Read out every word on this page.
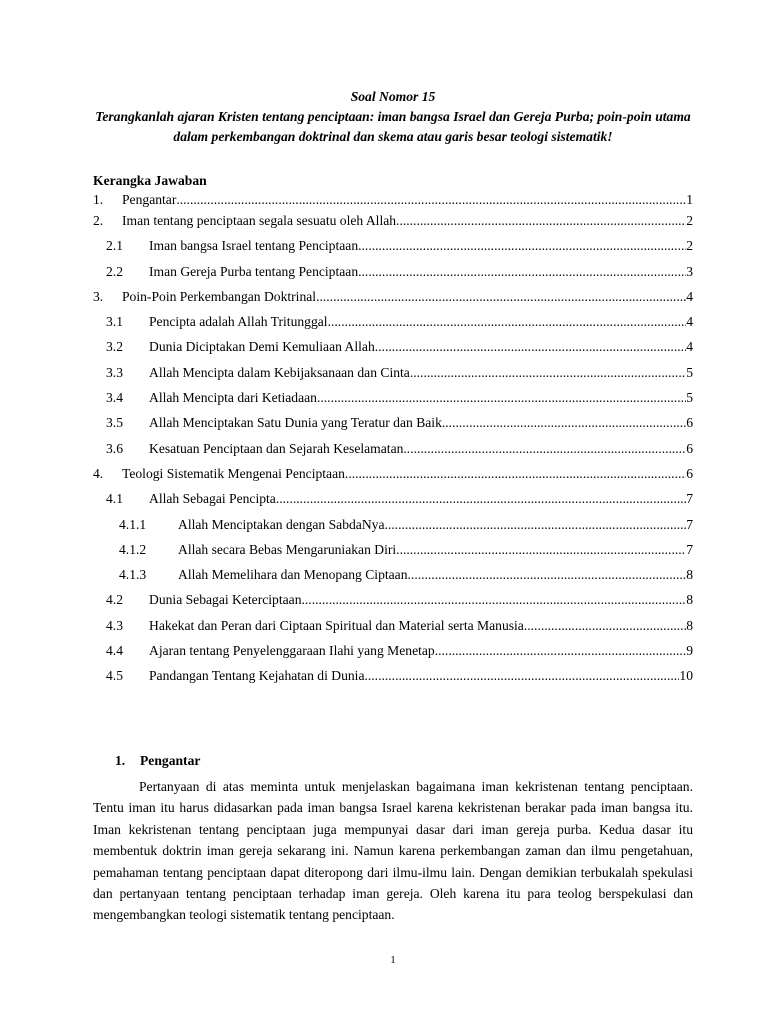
Soal Nomor 15
Terangkanlah ajaran Kristen tentang penciptaan: iman bangsa Israel dan Gereja Purba; poin-poin utama dalam perkembangan doktrinal dan skema atau garis besar teologi sistematik!
Kerangka Jawaban
1.	Pengantar .....	1
2.	Iman tentang penciptaan segala sesuatu oleh Allah .....	2
2.1	Iman bangsa Israel tentang Penciptaan .....	2
2.2	Iman Gereja Purba tentang Penciptaan .....	3
3.	Poin-Poin Perkembangan Doktrinal .....	4
3.1	Pencipta adalah Allah Tritunggal .....	4
3.2	Dunia Diciptakan Demi Kemuliaan Allah .....	4
3.3	Allah Mencipta dalam Kebijaksanaan dan Cinta .....	5
3.4	Allah Mencipta dari Ketiadaan .....	5
3.5	Allah Menciptakan Satu Dunia yang Teratur dan Baik .....	6
3.6	Kesatuan Penciptaan dan Sejarah Keselamatan .....	6
4.	Teologi Sistematik Mengenai Penciptaan .....	6
4.1	Allah Sebagai Pencipta .....	7
4.1.1	Allah Menciptakan dengan SabdaNya .....	7
4.1.2	Allah secara Bebas Mengaruniakan Diri .....	7
4.1.3	Allah Memelihara dan Menopang Ciptaan .....	8
4.2	Dunia Sebagai Keterciptaan .....	8
4.3	Hakekat dan Peran dari Ciptaan Spiritual dan Material serta Manusia .....	8
4.4	Ajaran tentang Penyelenggaraan Ilahi yang Menetap .....	9
4.5	Pandangan Tentang Kejahatan di Dunia .....	10
1. Pengantar

Pertanyaan di atas meminta untuk menjelaskan bagaimana iman kekristenan tentang penciptaan. Tentu iman itu harus didasarkan pada iman bangsa Israel karena kekristenan berakar pada iman bangsa itu. Iman kekristenan tentang penciptaan juga mempunyai dasar dari iman gereja purba. Kedua dasar itu membentuk doktrin iman gereja sekarang ini. Namun karena perkembangan zaman dan ilmu pengetahuan, pemahaman tentang penciptaan dapat diteropong dari ilmu-ilmu lain. Dengan demikian terbukalah spekulasi dan pertanyaan tentang penciptaan terhadap iman gereja. Oleh karena itu para teolog berspekulasi dan mengembangkan teologi sistematik tentang penciptaan.

1
